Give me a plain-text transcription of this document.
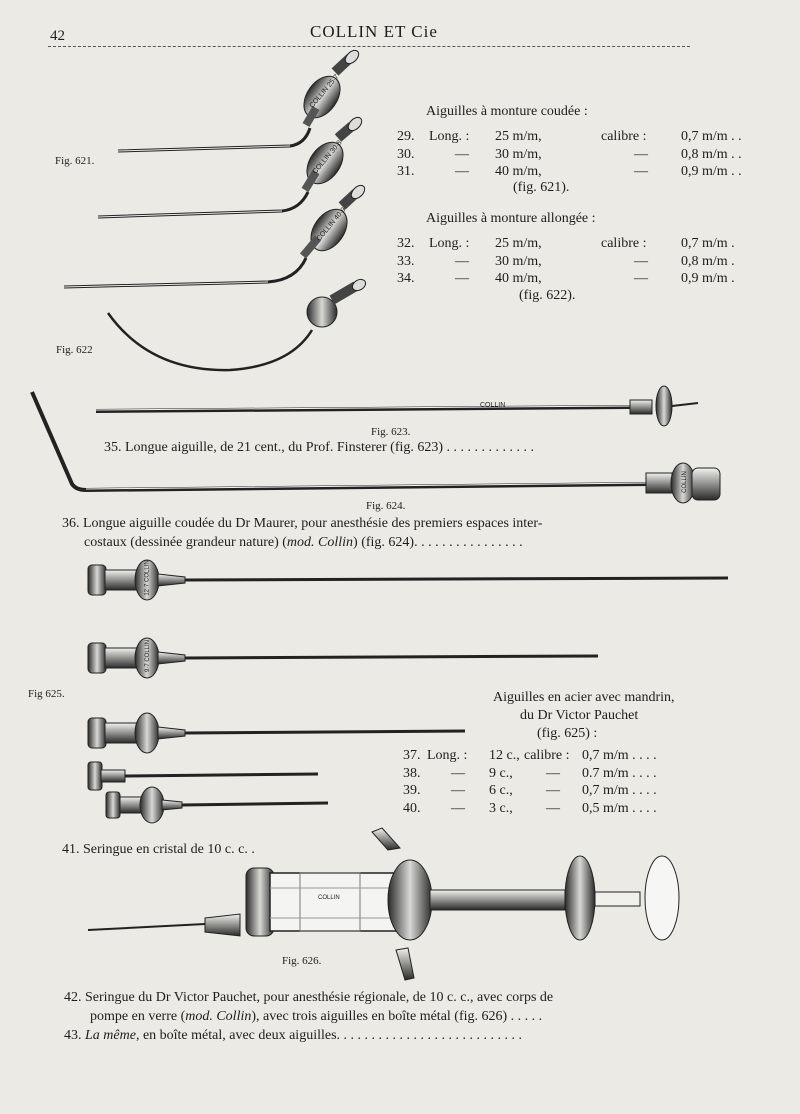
42	COLLIN ET Cie
Fig. 621.
Fig. 622
Fig. 623.
Fig. 624.
Fig 625.
Fig. 626.
COLLIN 25·7
COLLIN 30·8
COLLIN 40·9
COLLIN
COLLIN
12·7 COLLIN
9·7 COLLIN
COLLIN
Aiguilles à monture coudée :
29. Long. : 25 m/m,	calibre : 0,7 m/m . .
30.	— 30 m/m,	— 0,8 m/m . .
31.	— 40 m/m,	— 0,9 m/m . .
(fig. 621).
Aiguilles à monture allongée :
32. Long. : 25 m/m,	calibre : 0,7 m/m .
33.	— 30 m/m,	— 0,8 m/m .
34.	— 40 m/m,	— 0,9 m/m .
(fig. 622).
35. Longue aiguille, de 21 cent., du Prof. Finsterer (fig. 623) . . . . . . . . . . . . .
36. Longue aiguille coudée du Dr Maurer, pour anesthésie des premiers espaces inter-
costaux (dessinée grandeur nature) (mod. Collin) (fig. 624). . . . . . . . . . . . . . . .
Aiguilles en acier avec mandrin,
du Dr Victor Pauchet
(fig. 625) :
37. Long. : 12 c., calibre : 0,7 m/m . . . .
38. — 9 c., — 0.7 m/m . . . .
39. — 6 c., — 0,7 m/m . . . .
40. — 3 c., — 0,5 m/m . . . .
41. Seringue en cristal de 10 c. c. .
42. Seringue du Dr Victor Pauchet, pour anesthésie régionale, de 10 c. c., avec corps de
pompe en verre (mod. Collin), avec trois aiguilles en boîte métal (fig. 626) . . . . .
43. La même, en boîte métal, avec deux aiguilles. . . . . . . . . . . . . . . . . . . . . . . . . . .
